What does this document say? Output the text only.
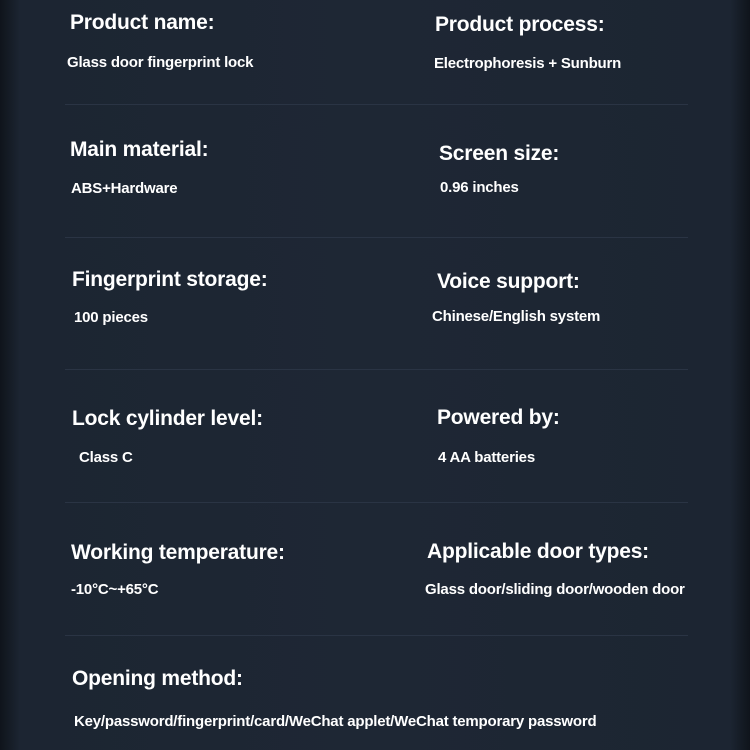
Product name:
Glass door fingerprint lock
Product process:
Electrophoresis + Sunburn
Main material:
ABS+Hardware
Screen size:
0.96 inches
Fingerprint storage:
100 pieces
Voice support:
Chinese/English system
Lock cylinder level:
Class C
Powered by:
4 AA batteries
Working temperature:
-10°C~+65°C
Applicable door types:
Glass door/sliding door/wooden door
Opening method:
Key/password/fingerprint/card/WeChat applet/WeChat temporary password
